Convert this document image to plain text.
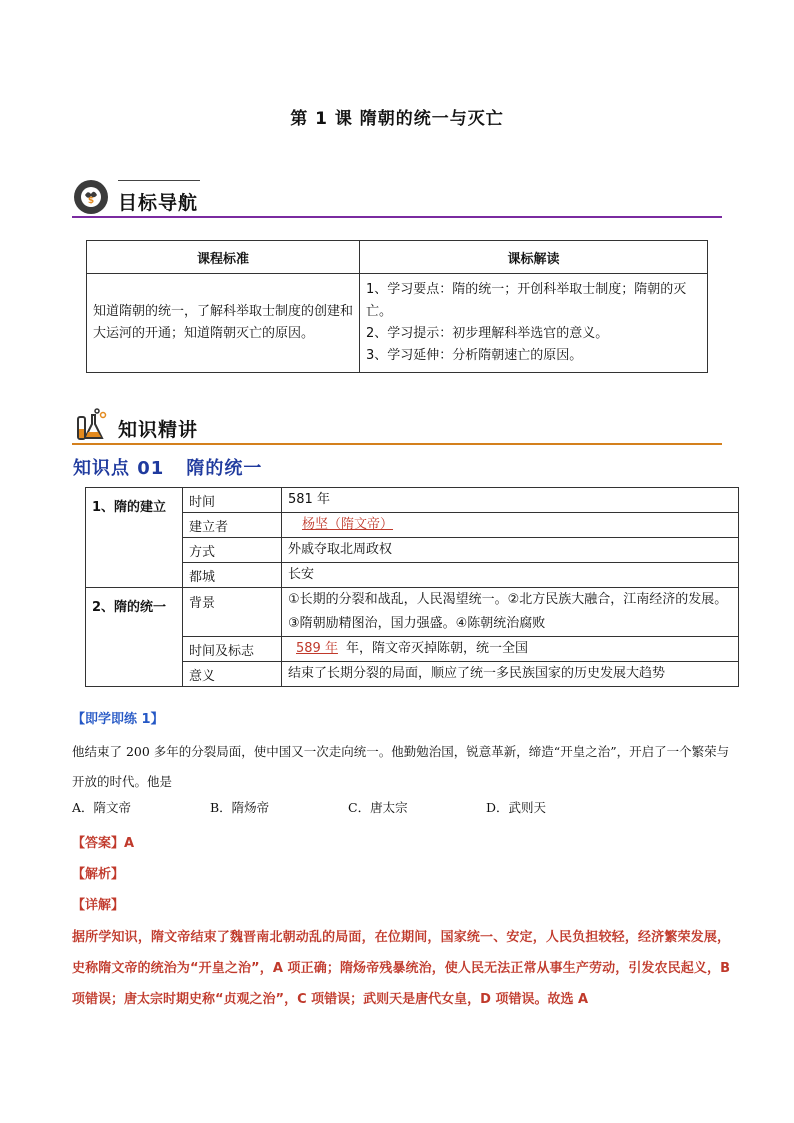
第 1 课 隋朝的统一与灭亡
$ 目标导航
课程标准	课标解读
知道隋朝的统一，了解科举取士制度的创建和大运河的开通；知道隋朝灭亡的原因。	1、学习要点：隋的统一；开创科举取士制度；隋朝的灭亡。
2、学习提示：初步理解科举选官的意义。
3、学习延伸：分析隋朝速亡的原因。
知识精讲
知识点 01 隋的统一
1、隋的建立	时间	581 年
	建立者	杨坚（隋文帝）
	方式	外戚夺取北周政权
	都城	长安
2、隋的统一	背景	①长期的分裂和战乱，人民渴望统一。②北方民族大融合，江南经济的发展。③隋朝励精图治，国力强盛。④陈朝统治腐败
	时间及标志	589 年 年，隋文帝灭掉陈朝，统一全国
	意义	结束了长期分裂的局面，顺应了统一多民族国家的历史发展大趋势
【即学即练 1】
他结束了 200 多年的分裂局面，使中国又一次走向统一。他勤勉治国，锐意革新，缔造“开皇之治”，开启了一个繁荣与开放的时代。他是
A．隋文帝	B．隋炀帝	C．唐太宗	D．武则天
【答案】A
【解析】
【详解】
据所学知识，隋文帝结束了魏晋南北朝动乱的局面，在位期间，国家统一、安定，人民负担较轻，经济繁荣发展，史称隋文帝的统治为“开皇之治”，A 项正确；隋炀帝残暴统治，使人民无法正常从事生产劳动，引发农民起义，B 项错误；唐太宗时期史称“贞观之治”，C 项错误；武则天是唐代女皇，D 项错误。故选 A
